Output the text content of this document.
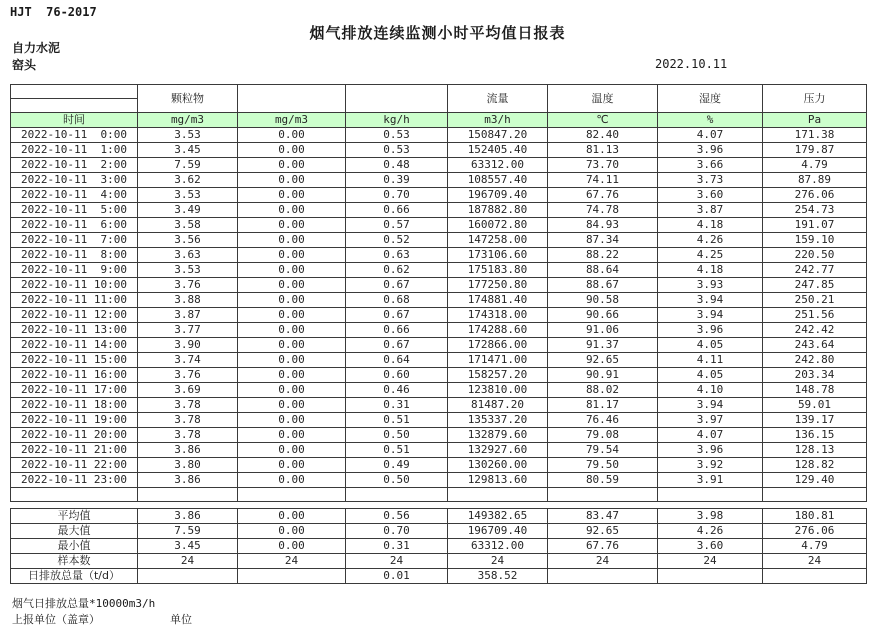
HJT  76-2017
烟气排放连续监测小时平均值日报表
自力水泥
窑头	2022.10.11
	颗粒物			流量	温度	湿度	压力

时间	mg/m3	mg/m3	kg/h	m3/h	℃	%	Pa
2022-10-11  0:00	3.53	0.00	0.53	150847.20	82.40	4.07	171.38
2022-10-11  1:00	3.45	0.00	0.53	152405.40	81.13	3.96	179.87
2022-10-11  2:00	7.59	0.00	0.48	63312.00	73.70	3.66	4.79
2022-10-11  3:00	3.62	0.00	0.39	108557.40	74.11	3.73	87.89
2022-10-11  4:00	3.53	0.00	0.70	196709.40	67.76	3.60	276.06
2022-10-11  5:00	3.49	0.00	0.66	187882.80	74.78	3.87	254.73
2022-10-11  6:00	3.58	0.00	0.57	160072.80	84.93	4.18	191.07
2022-10-11  7:00	3.56	0.00	0.52	147258.00	87.34	4.26	159.10
2022-10-11  8:00	3.63	0.00	0.63	173106.60	88.22	4.25	220.50
2022-10-11  9:00	3.53	0.00	0.62	175183.80	88.64	4.18	242.77
2022-10-11 10:00	3.76	0.00	0.67	177250.80	88.67	3.93	247.85
2022-10-11 11:00	3.88	0.00	0.68	174881.40	90.58	3.94	250.21
2022-10-11 12:00	3.87	0.00	0.67	174318.00	90.66	3.94	251.56
2022-10-11 13:00	3.77	0.00	0.66	174288.60	91.06	3.96	242.42
2022-10-11 14:00	3.90	0.00	0.67	172866.00	91.37	4.05	243.64
2022-10-11 15:00	3.74	0.00	0.64	171471.00	92.65	4.11	242.80
2022-10-11 16:00	3.76	0.00	0.60	158257.20	90.91	4.05	203.34
2022-10-11 17:00	3.69	0.00	0.46	123810.00	88.02	4.10	148.78
2022-10-11 18:00	3.78	0.00	0.31	81487.20	81.17	3.94	59.01
2022-10-11 19:00	3.78	0.00	0.51	135337.20	76.46	3.97	139.17
2022-10-11 20:00	3.78	0.00	0.50	132879.60	79.08	4.07	136.15
2022-10-11 21:00	3.86	0.00	0.51	132927.60	79.54	3.96	128.13
2022-10-11 22:00	3.80	0.00	0.49	130260.00	79.50	3.92	128.82
2022-10-11 23:00	3.86	0.00	0.50	129813.60	80.59	3.91	129.40

平均值	3.86	0.00	0.56	149382.65	83.47	3.98	180.81
最大值	7.59	0.00	0.70	196709.40	92.65	4.26	276.06
最小值	3.45	0.00	0.31	63312.00	67.76	3.60	4.79
样本数	24	24	24	24	24	24	24
日排放总量（t/d）			0.01	358.52			
烟气日排放总量*10000m3/h
上报单位（盖章）	单位
